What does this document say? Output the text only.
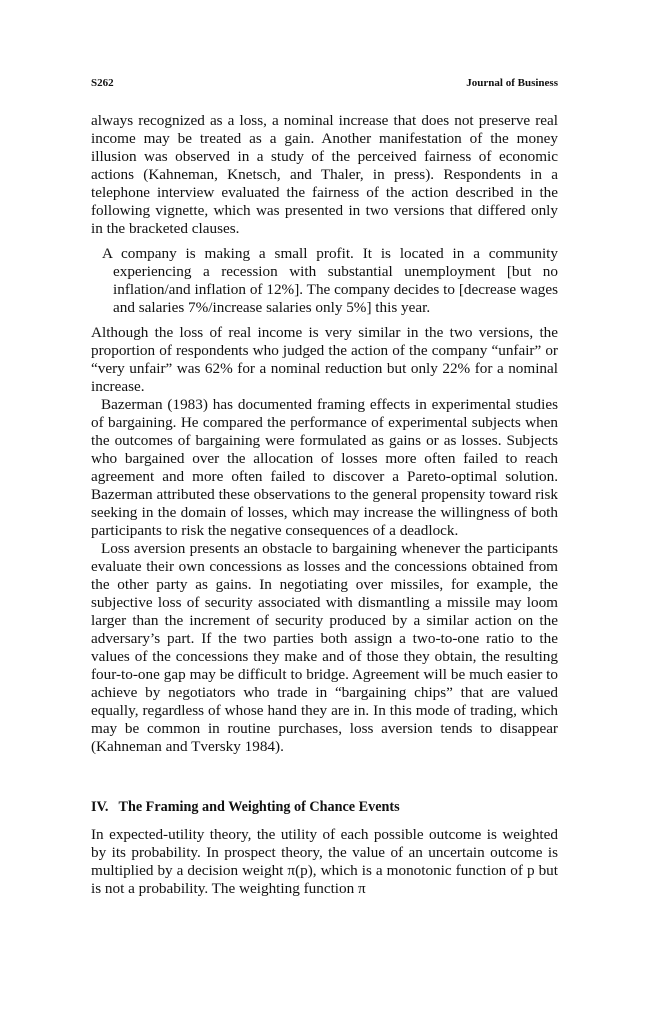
S262	Journal of Business

always recognized as a loss, a nominal increase that does not preserve real income may be treated as a gain. Another manifestation of the money illusion was observed in a study of the perceived fairness of economic actions (Kahneman, Knetsch, and Thaler, in press). Respondents in a telephone interview evaluated the fairness of the action described in the following vignette, which was presented in two versions that differed only in the bracketed clauses.

A company is making a small profit. It is located in a community experiencing a recession with substantial unemployment [but no inflation/and inflation of 12%]. The company decides to [decrease wages and salaries 7%/increase salaries only 5%] this year.

Although the loss of real income is very similar in the two versions, the proportion of respondents who judged the action of the company “unfair” or “very unfair” was 62% for a nominal reduction but only 22% for a nominal increase.

Bazerman (1983) has documented framing effects in experimental studies of bargaining. He compared the performance of experimental subjects when the outcomes of bargaining were formulated as gains or as losses. Subjects who bargained over the allocation of losses more often failed to reach agreement and more often failed to discover a Pareto-optimal solution. Bazerman attributed these observations to the general propensity toward risk seeking in the domain of losses, which may increase the willingness of both participants to risk the negative consequences of a deadlock.

Loss aversion presents an obstacle to bargaining whenever the participants evaluate their own concessions as losses and the concessions obtained from the other party as gains. In negotiating over missiles, for example, the subjective loss of security associated with dismantling a missile may loom larger than the increment of security produced by a similar action on the adversary’s part. If the two parties both assign a two-to-one ratio to the values of the concessions they make and of those they obtain, the resulting four-to-one gap may be difficult to bridge. Agreement will be much easier to achieve by negotiators who trade in “bargaining chips” that are valued equally, regardless of whose hand they are in. In this mode of trading, which may be common in routine purchases, loss aversion tends to disappear (Kahneman and Tversky 1984).

IV. The Framing and Weighting of Chance Events

In expected-utility theory, the utility of each possible outcome is weighted by its probability. In prospect theory, the value of an uncertain outcome is multiplied by a decision weight π(p), which is a monotonic function of p but is not a probability. The weighting function π
